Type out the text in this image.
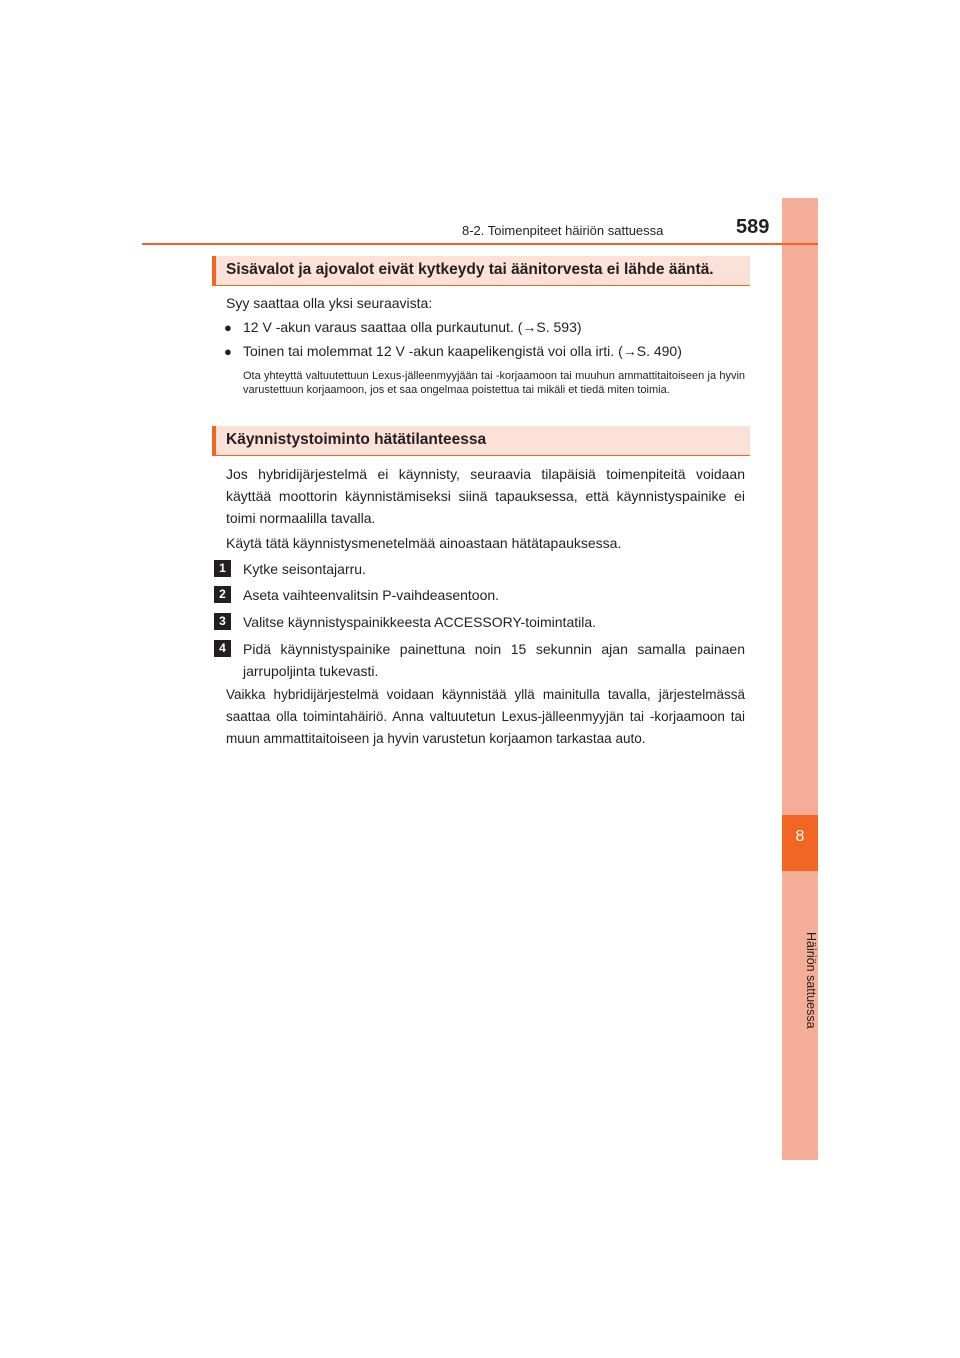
8
Häiriön sattuessa
8-2. Toimenpiteet häiriön sattuessa	589
Sisävalot ja ajovalot eivät kytkeydy tai äänitorvesta ei lähde ääntä.
Syy saattaa olla yksi seuraavista:
● 12 V -akun varaus saattaa olla purkautunut. (→S. 593)
● Toinen tai molemmat 12 V -akun kaapelikengistä voi olla irti. (→S. 490)
Ota yhteyttä valtuutettuun Lexus-jälleenmyyjään tai -korjaamoon tai muuhun ammattitaitoiseen ja hyvin varustettuun korjaamoon, jos et saa ongelmaa poistettua tai mikäli et tiedä miten toimia.
Käynnistystoiminto hätätilanteessa
Jos hybridijärjestelmä ei käynnisty, seuraavia tilapäisiä toimenpiteitä voidaan käyttää moottorin käynnistämiseksi siinä tapauksessa, että käynnistyspainike ei toimi normaalilla tavalla.
Käytä tätä käynnistysmenetelmää ainoastaan hätätapauksessa.
1	Kytke seisontajarru.
2	Aseta vaihteenvalitsin P-vaihdeasentoon.
3	Valitse käynnistyspainikkeesta ACCESSORY-toimintatila.
4	Pidä käynnistyspainike painettuna noin 15 sekunnin ajan samalla painaen jarrupoljinta tukevasti.
Vaikka hybridijärjestelmä voidaan käynnistää yllä mainitulla tavalla, järjestelmässä saattaa olla toimintahäiriö. Anna valtuutetun Lexus-jälleenmyyjän tai -korjaamoon tai muun ammattitaitoiseen ja hyvin varustetun korjaamon tarkastaa auto.
